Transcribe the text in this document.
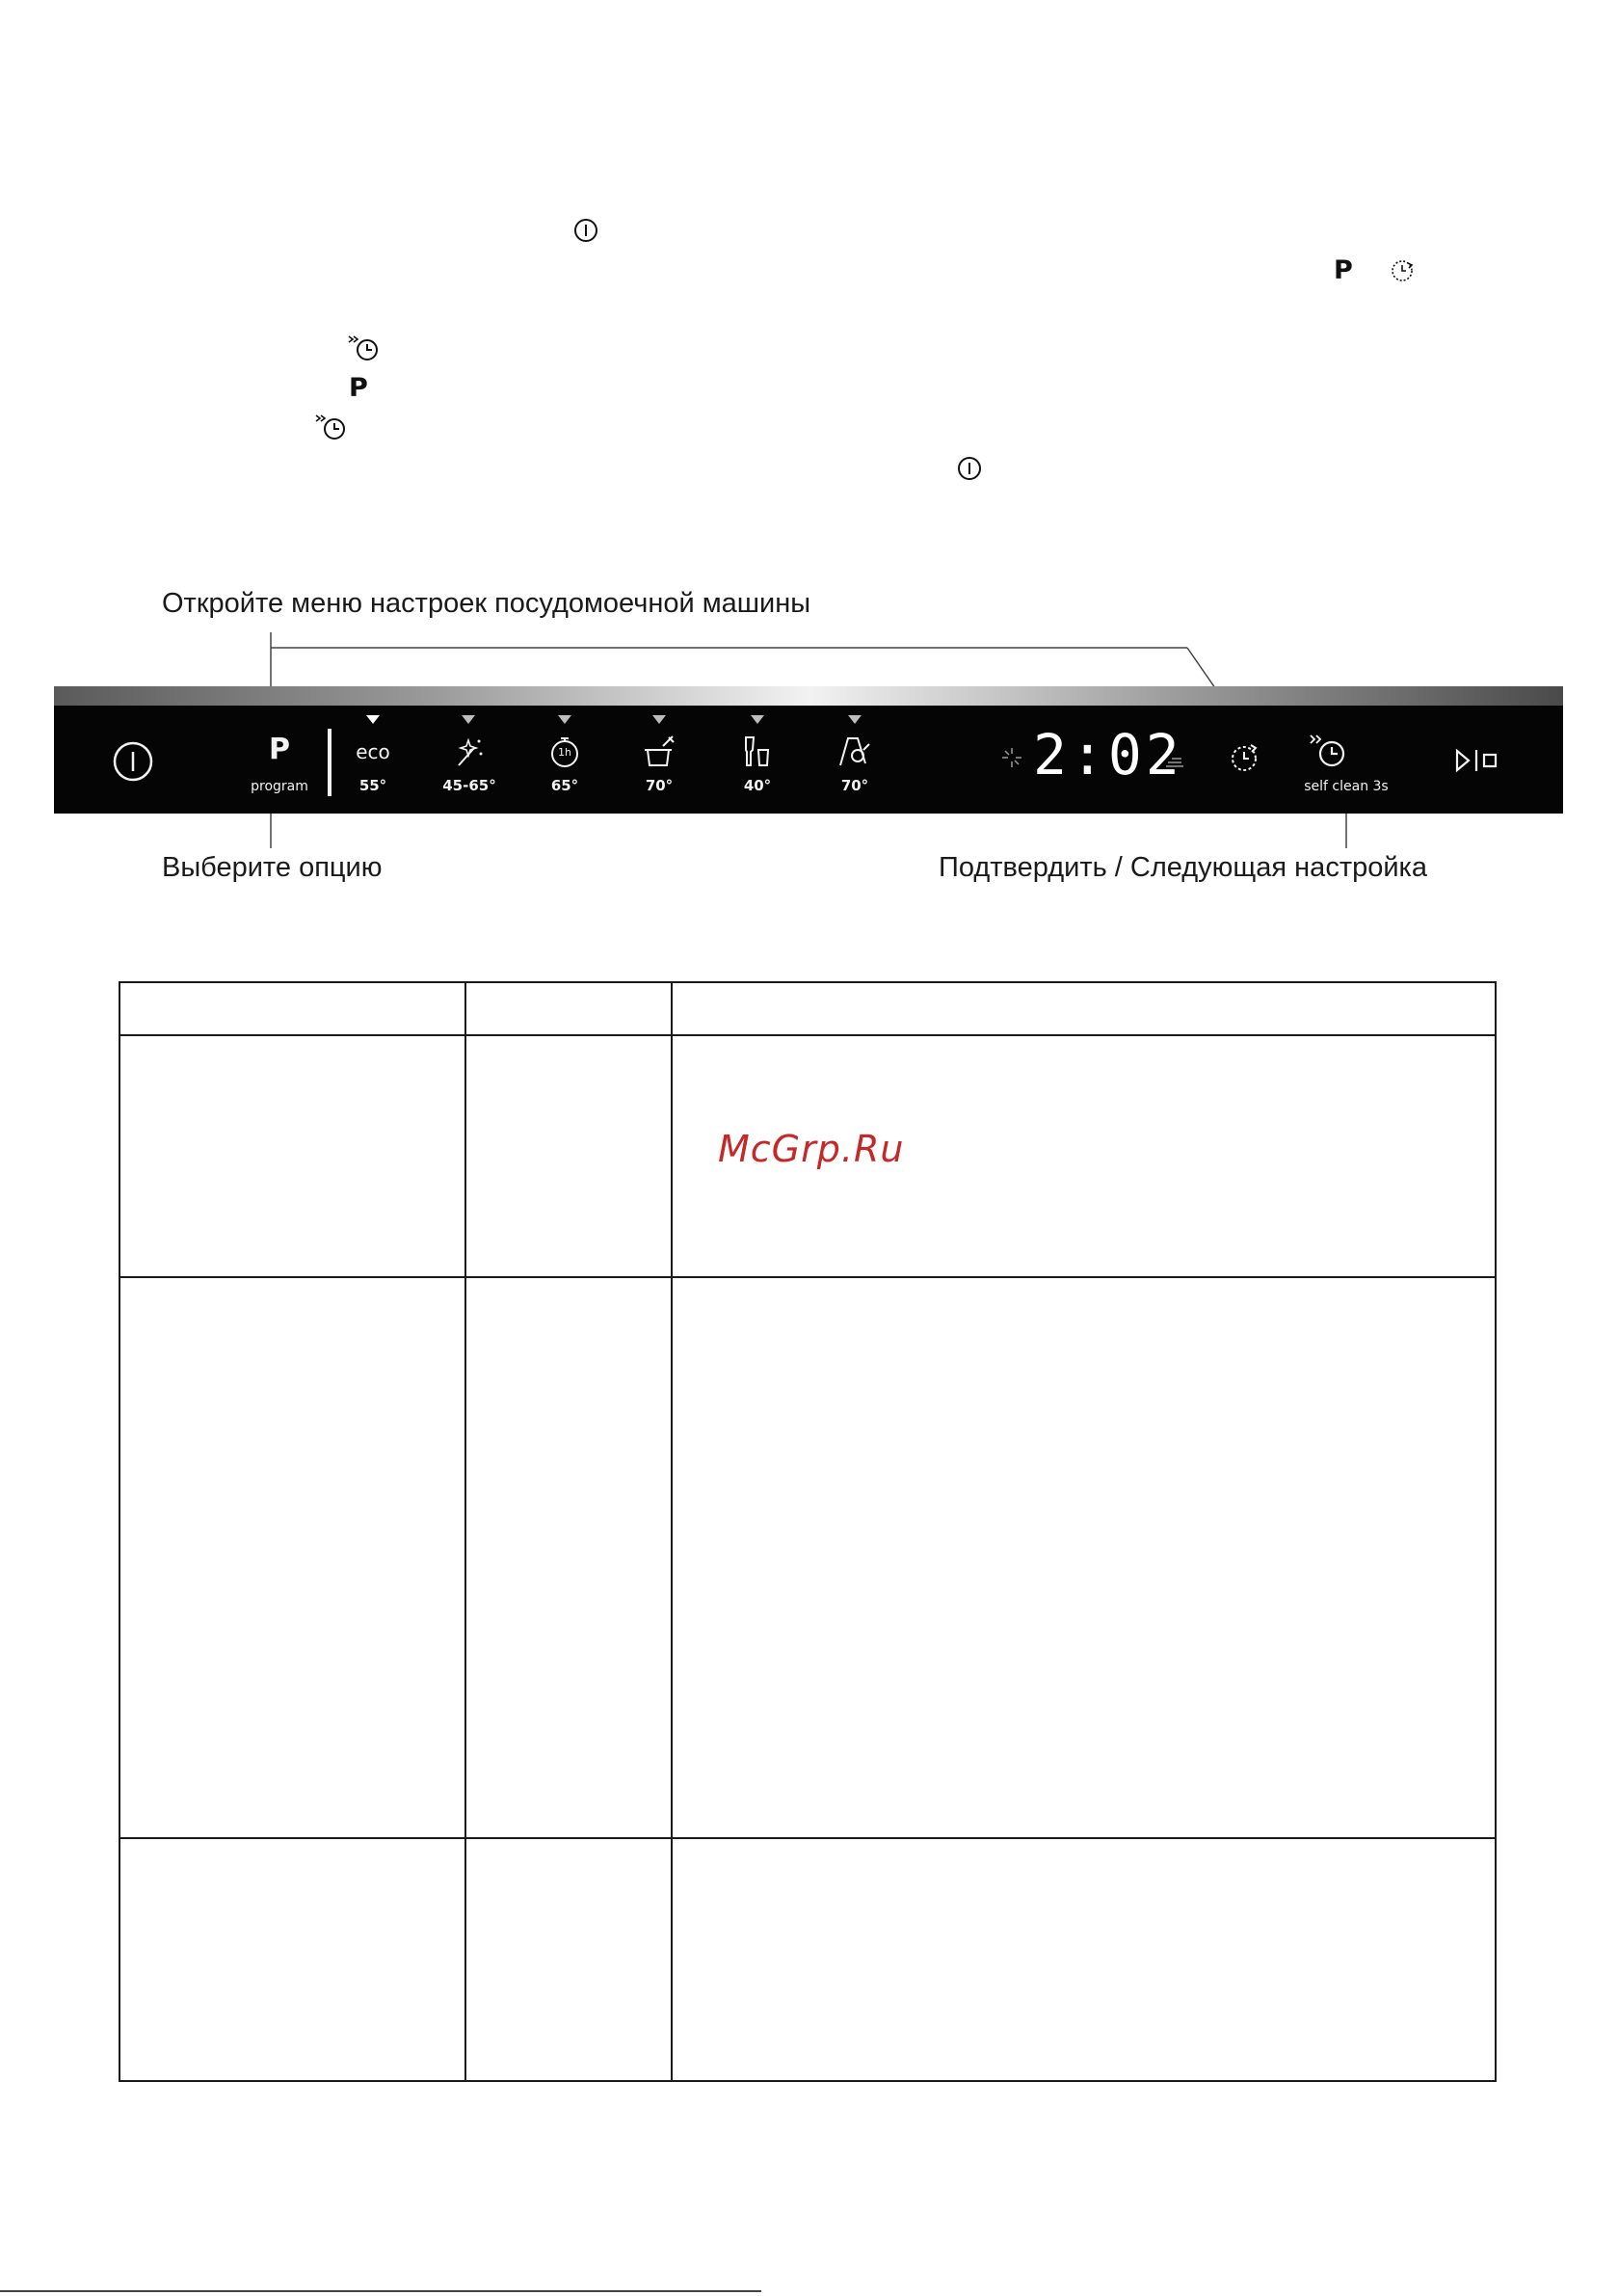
P
P
Откройте меню настроек посудомоечной машины
P
program
eco
55°	45-65°
1h
65°	70°	40°	70°	2:02	self clean 3s
Выберите опцию	Подтвердить / Следующая настройка
McGrp.Ru
